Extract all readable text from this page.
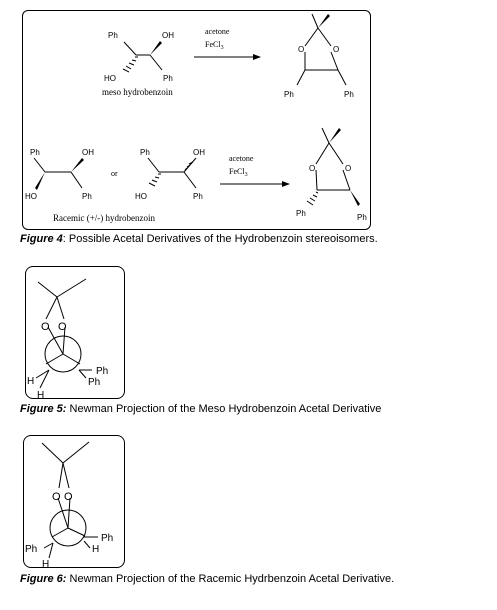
Ph	OH
HO	Ph
meso hydrobenzoin
acetone
FeCl$_3$	O	O
Ph	Ph
Ph	OH
HO	Ph
or
Ph	OH
HO	Ph
Racemic (+/-) hydrobenzoin
acetone
FeCl$_3$
O	O
Ph	Ph
Figure 4: Possible Acetal Derivatives of the Hydrobenzoin stereoisomers.
O O
Ph
Ph
H
H
Figure 5: Newman Projection of the Meso Hydrobenzoin Acetal Derivative
O O
Ph
H
Ph
H
Figure 6: Newman Projection of the Racemic Hydrbenzoin Acetal Derivative.
